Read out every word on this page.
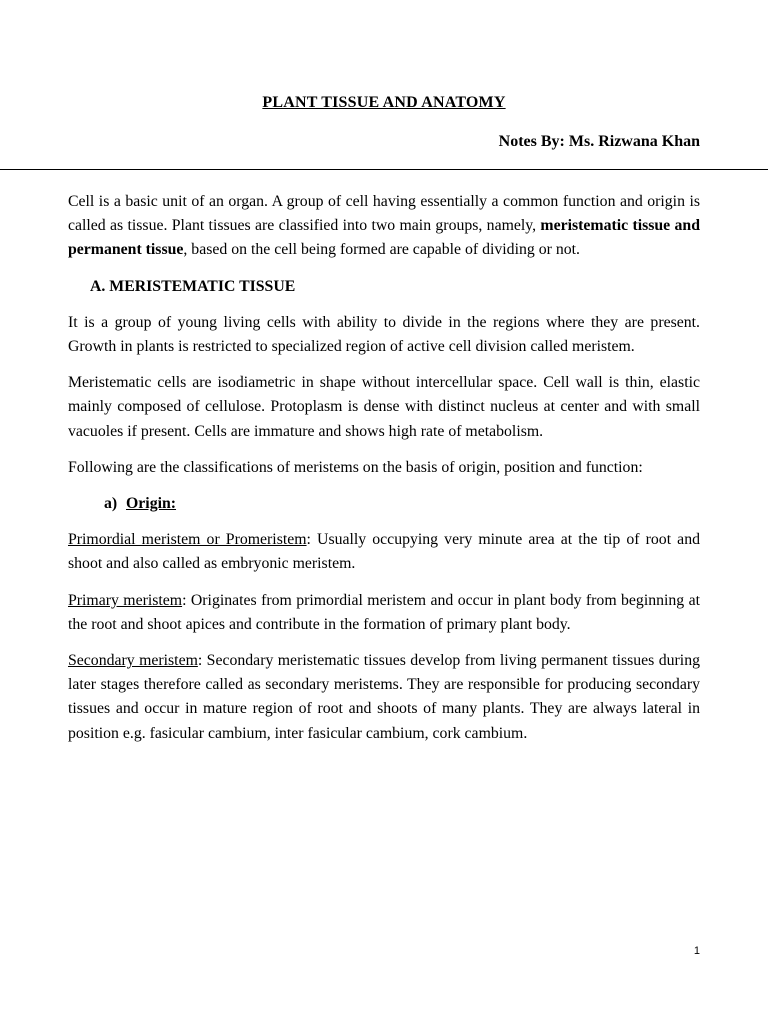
PLANT TISSUE AND ANATOMY
Notes By: Ms. Rizwana Khan

Cell is a basic unit of an organ. A group of cell having essentially a common function and origin is called as tissue. Plant tissues are classified into two main groups, namely, meristematic tissue and permanent tissue, based on the cell being formed are capable of dividing or not.

A. MERISTEMATIC TISSUE

It is a group of young living cells with ability to divide in the regions where they are present. Growth in plants is restricted to specialized region of active cell division called meristem.

Meristematic cells are isodiametric in shape without intercellular space. Cell wall is thin, elastic mainly composed of cellulose. Protoplasm is dense with distinct nucleus at center and with small vacuoles if present. Cells are immature and shows high rate of metabolism.

Following are the classifications of meristems on the basis of origin, position and function:

a) Origin:

Primordial meristem or Promeristem: Usually occupying very minute area at the tip of root and shoot and also called as embryonic meristem.

Primary meristem: Originates from primordial meristem and occur in plant body from beginning at the root and shoot apices and contribute in the formation of primary plant body.

Secondary meristem: Secondary meristematic tissues develop from living permanent tissues during later stages therefore called as secondary meristems. They are responsible for producing secondary tissues and occur in mature region of root and shoots of many plants. They are always lateral in position e.g. fasicular cambium, inter fasicular cambium, cork cambium.

1
